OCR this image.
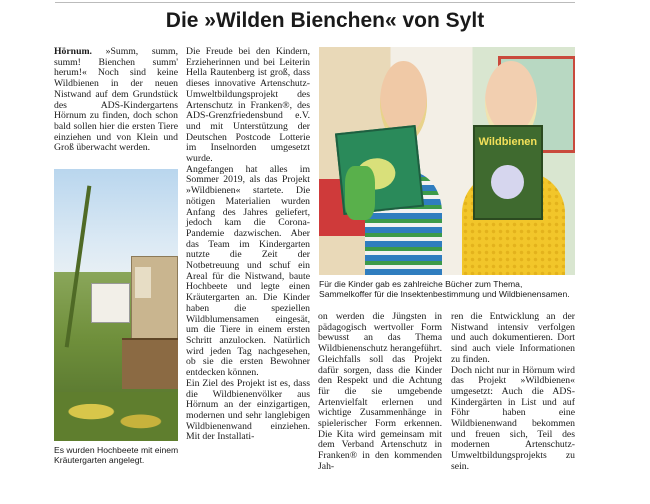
Die »Wilden Bienchen« von Sylt

Hörnum. »Summ, summ, summ! Bienchen summ' herum!« Noch sind keine Wildbienen in der neuen Nistwand auf dem Grundstück des ADS-Kindergartens Hörnum zu finden, doch schon bald sollen hier die ersten Tiere einziehen und von Klein und Groß überwacht werden.

Es wurden Hochbeete mit einem Kräutergarten angelegt.

Die Freude bei den Kindern, Erzieherinnen und bei Leiterin Hella Rautenberg ist groß, dass dieses innovative Artenschutz-Umweltbildungsprojekt des Artenschutz in Franken®, des ADS-Grenzfriedensbund e.V. und mit Unterstützung der Deutschen Postcode Lotterie im Inselnorden umgesetzt wurde.

Angefangen hat alles im Sommer 2019, als das Projekt »Wildbienen« startete. Die nötigen Materialien wurden Anfang des Jahres geliefert, jedoch kam die Corona-Pandemie dazwischen. Aber das Team im Kindergarten nutzte die Zeit der Notbetreuung und schuf ein Areal für die Nistwand, baute Hochbeete und legte einen Kräutergarten an. Die Kinder haben die speziellen Wildblumensamen eingesät, um die Tiere in einem ersten Schritt anzulocken. Natürlich wird jeden Tag nachgesehen, ob sie die ersten Bewohner entdecken können.

Ein Ziel des Projekt ist es, dass die Wildbienenvölker aus Hörnum an der einzigartigen, modernen und sehr langlebigen Wildbienenwand einziehen. Mit der Installati-

Wildbienen
Für die Kinder gab es zahlreiche Bücher zum Thema, Sammelkoffer für die Insektenbestimmung und Wildbienensamen.

on werden die Jüngsten in pädagogisch wertvoller Form bewusst an das Thema Wildbienenschutz herangeführt. Gleichfalls soll das Projekt dafür sorgen, dass die Kinder den Respekt und die Achtung für die sie umgebende Artenvielfalt erlernen und wichtige Zusammenhänge in spielerischer Form erkennen. Die Kita wird gemeinsam mit dem Verband Artenschutz in Franken® in den kommenden Jah-

ren die Entwicklung an der Nistwand intensiv verfolgen und auch dokumentieren. Dort sind auch viele Informationen zu finden.

Doch nicht nur in Hörnum wird das Projekt »Wildbienen« umgesetzt: Auch die ADS-Kindergärten in List und auf Föhr haben eine Wildbienenwand bekommen und freuen sich, Teil des modernen Artenschutz-Umweltbildungsprojekts zu sein.
